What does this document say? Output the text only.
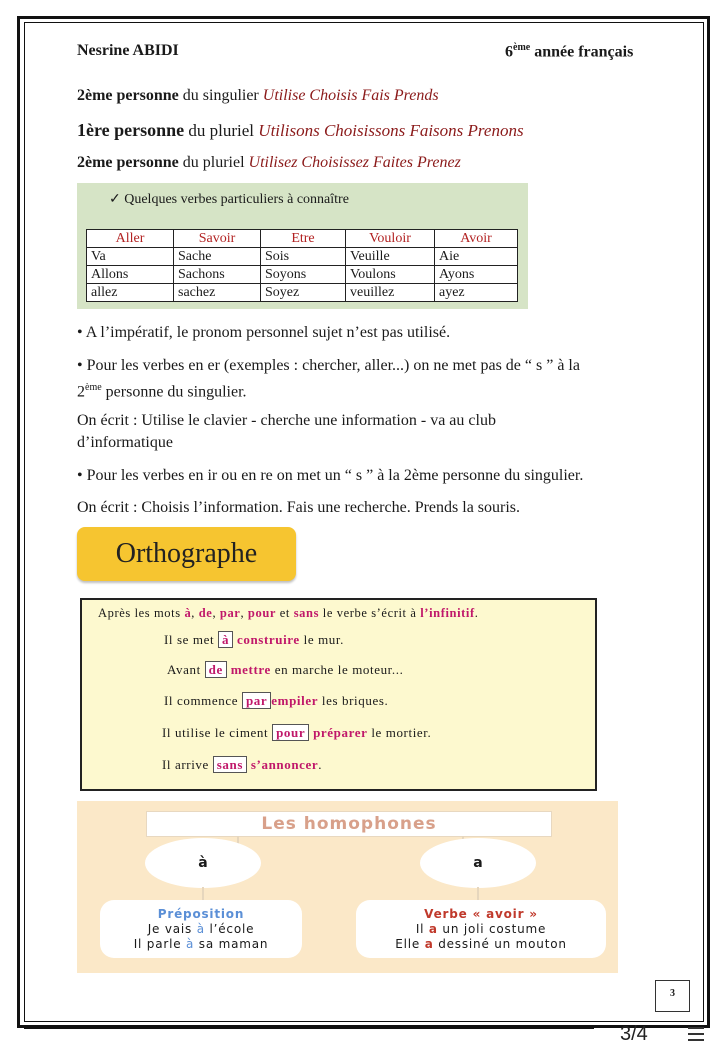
Nesrine ABIDI	6ème année français
2ème personne du singulier Utilise Choisis Fais Prends
1ère personne du pluriel Utilisons Choisissons Faisons Prenons
2ème personne du pluriel Utilisez Choisissez Faites Prenez
✓ Quelques verbes particuliers à connaître
Aller	Savoir	Etre	Vouloir	Avoir
Va	Sache	Sois	Veuille	Aie
Allons	Sachons	Soyons	Voulons	Ayons
allez	sachez	Soyez	veuillez	ayez
• A l’impératif, le pronom personnel sujet n’est pas utilisé.
• Pour les verbes en er (exemples : chercher, aller...) on ne met pas de “ s ” à la
2ème personne du singulier.
On écrit : Utilise le clavier - cherche une information - va au club
d’informatique
• Pour les verbes en ir ou en re on met un “ s ” à la 2ème personne du singulier.
On écrit : Choisis l’information. Fais une recherche. Prends la souris.
Orthographe
Après les mots à, de, par, pour et sans le verbe s’écrit à l’infinitif.
Il se met à construire le mur.
Avant de mettre en marche le moteur...
Il commence par empiler les briques.
Il utilise le ciment pour préparer le mortier.
Il arrive sans s’annoncer.
Les homophones
à	a
Préposition
Je vais à l’école
Il parle à sa maman
Verbe « avoir »
Il a un joli costume
Elle a dessiné un mouton
3
3/4
